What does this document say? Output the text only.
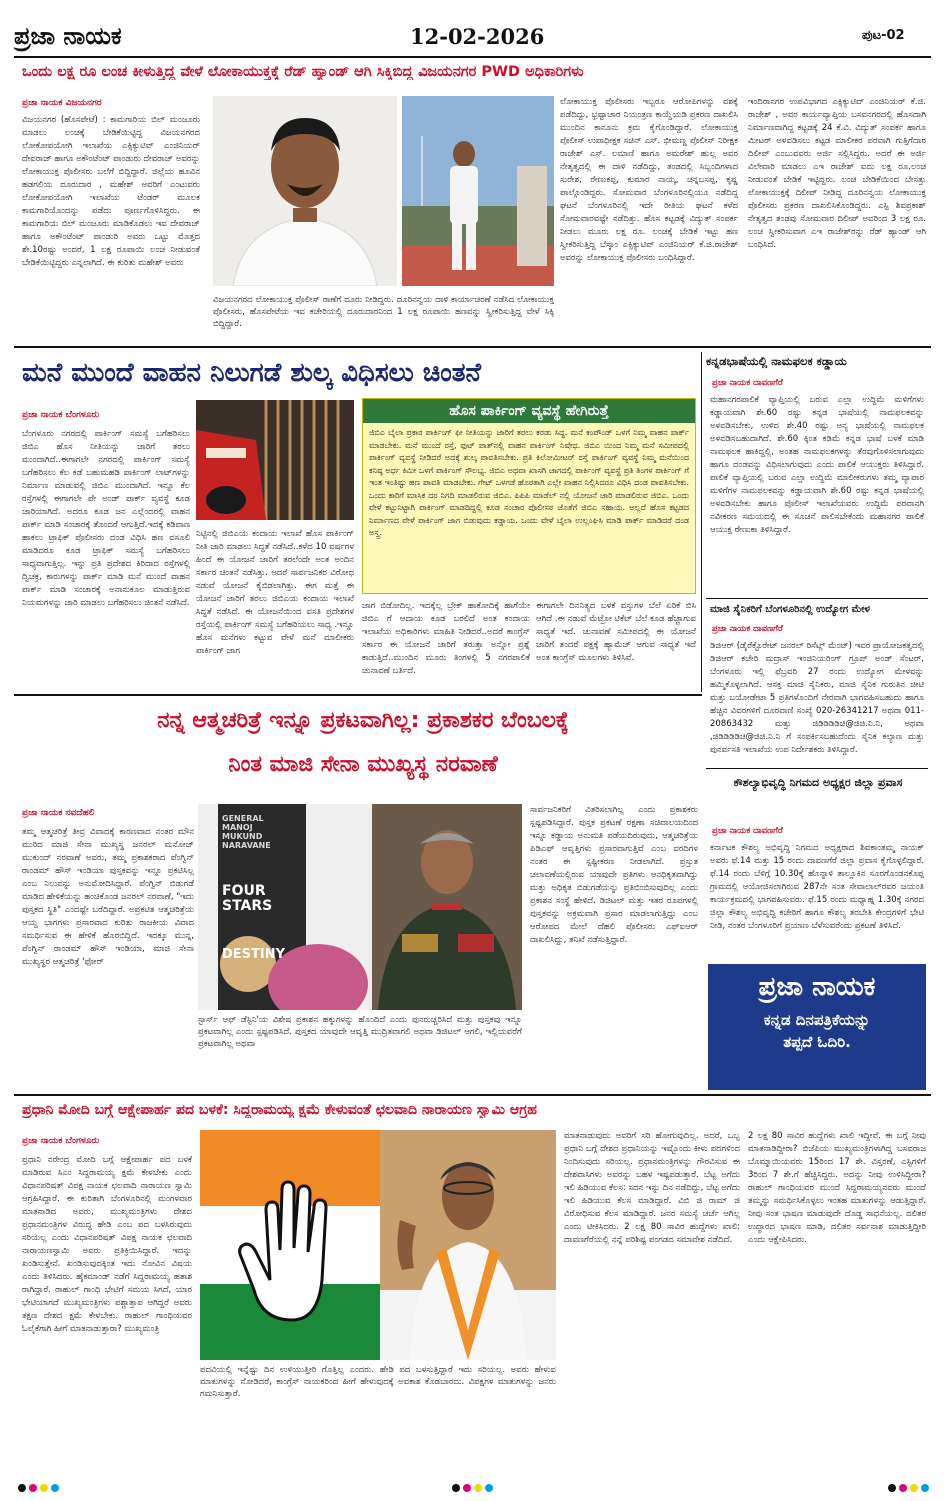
ಪ್ರಜಾ ನಾಯಕ	12-02-2026	ಪುಟ-02
ಒಂದು ಲಕ್ಷ ರೂ ಲಂಚ ಕೀಳುತ್ತಿದ್ದ ವೇಳೆ ಲೋಕಾಯುಕ್ತಕ್ಕೆ ರೆಡ್ ಹ್ಯಾಂಡ್ ಆಗಿ ಸಿಕ್ಕಿಬಿದ್ದ ವಿಜಯನಗರ PWD ಅಧಿಕಾರಿಗಳು
ಪ್ರಜಾ ನಾಯಕ ವಿಜಯನಗರ
ವಿಜಯನಗರ (ಹೊಸಪೇಟೆ) : ಕಾಮಗಾರಿಯ ಬಿಲ್ ಮಂಜೂರು ಮಾಡಲು ಲಂಚಕ್ಕೆ ಬೇಡಿಕೆಯಿಟ್ಟಿದ್ದ ವಿಜಯನಗರದ ಲೋಕೋಪಯೋಗಿ ಇಲಾಖೆಯ ಎಕ್ಸಿಕ್ಯುಟಿವ್ ಎಂಜಿನಿಯರ್ ದೇವರಾಜ್ ಹಾಗೂ ಅಕೌಂಟೆಂಟ್ ಪಾಂಡುರು ದೇವರಾಜ್ ಅವರನ್ನು ಲೋಕಾಯುಕ್ತ ಪೊಲೀಸರು ಬಲೆಗೆ ಬಿದ್ದಿದ್ದಾರೆ. ಜಿಲ್ಲೆಯ ಹೂವಿನ ಹಡಗಲಿಯ ದೂರುದಾರ , ಮಹೇಶ್ ಅವರಿಗೆ ಎಂಟುವರು ಲೋಕೋಪಯೋಗಿ ಇಲಾಖೆಯ ಟೆಂಡರ್ ಮೂಲಕ ಕಾಮಗಾರಿಯೊಂದನ್ನು ಪಡೆದು ಪೂರ್ಣಗೊಳಿಸಿದ್ದರು. ಈ ಕಾಮಗಾರಿಯ ಬಿಲ್ ಮಂಜೂರು ಮಾಡಿಕೊಡಲು ಇವ ದೇವರಾಜ್ ಹಾಗೂ ಅಕೌಂಟೆಂಟ್ ಪಾಂಡುರಿ ಅವರು ಒಟ್ಟು ಮೊತ್ತದ ಶೇ.10ರಷ್ಟು ಅಂದರೆ, 1 ಲಕ್ಷ ರೂಪಾಯಿ ಲಂಚ ನೀಡುವಂತೆ ಬೇಡಿಕೆಯಿಟ್ಟಿದ್ದರು ಎನ್ನಲಾಗಿದೆ. ಈ ಕುರಿತು ಮಹೇಶ್ ಅವರು
ವಿಜಯನಗರದ ಲೋಕಾಯುಕ್ತ ಪೊಲೀಸ್ ಠಾಣೆಗೆ ದೂರು ನೀಡಿದ್ದರು. ದೂರಿನನ್ವಯ ದಾಳಿ ಕಾರ್ಯಾಚರಣೆ ನಡೆಸಿದ ಲೋಕಾಯುಕ್ತ ಪೊಲೀಸರು, ಹೊಸಪೇಟೆಯ ಇವ ಕಚೇರಿಯಲ್ಲಿ ದೂರುದಾರನಿಂದ 1 ಲಕ್ಷ ರೂಪಾಯಿ ಹಣವನ್ನು ಸ್ವೀಕರಿಸುತ್ತಿದ್ದ ವೇಳೆ ಸಿಕ್ಕಿ ಬಿದ್ದಿದ್ದಾರೆ.
ಲೋಕಾಯುಕ್ತ ಪೊಲೀಸರು ಇಬ್ಬರೂ ಆರೋಪಿಗಳನ್ನು ವಶಕ್ಕೆ ಪಡೆದಿದ್ದು, ಭ್ರಷ್ಟಾಚಾರ ನಿಯಂತ್ರಣ ಕಾಯ್ದೆಯಡಿ ಪ್ರಕರಣ ದಾಖಲಿಸಿ ಮುಂದಿನ ಕಾನೂನು ಕ್ರಮ ಕೈಗೊಂಡಿದ್ದಾರೆ. ಲೋಕಾಯುಕ್ತ ಪೊಲೀಸ್ ಉಪಾಧೀಕ್ಷಕ ಸಚಿನ್ ಎಸ್. ಭೀಮಣ್ಣ ಪೊಲೀಸ್ ನಿರೀಕ್ಷಕ ರಾಜೇಶ್ ಎಸ್. ಲಮಾಣಿ ಹಾಗೂ ಅಮರೇಶ್ ಹುಲ್ಲ ಅವರ ನೇತೃತ್ವದಲ್ಲಿ ಈ ದಾಳಿ ನಡೆದಿದ್ದು, ತಂಡದಲ್ಲಿ ಸಿಬ್ಬಂದಿಗಳಾದ ಸುರೇಶ, ರೇಣುಕಪ್ಪ, ಕುಮಾರ ನಾಯ್ಕ, ಚನ್ನಬಸಪ್ಪ, ಕೃಷ್ಣ ಪಾಲ್ಗೊಂಡಿದ್ದರು. ಸೋಮವಾರ ಬೆಂಗಳೂರಿನಲ್ಲಿಯೂ ನಡೆದಿದ್ದ ಘಟನೆ ಬೆಂಗಳೂರಿನಲ್ಲಿ ಇದೇ ರೀತಿಯ ಘಟನೆ ಕಳೆದ ಸೋಮವಾರವಷ್ಟೇ ನಡೆದಿತ್ತು. ಹೊಸ ಕಟ್ಟಡಕ್ಕೆ ವಿದ್ಯುತ್ ಸಂಪರ್ಕ ನೀಡಲು ಮೂರು ಲಕ್ಷ ರೂ. ಲಂಚಕ್ಕೆ ಬೇಡಿಕೆ ಇಟ್ಟು ಹಣ ಸ್ವೀಕರಿಸುತ್ತಿದ್ದ ಬೆಸ್ಕಾಂ ಎಕ್ಸಿಕ್ಯುಟಿವ್ ಎಂಜಿನಿಯರ್ ಕೆ.ಜಿ.ರಾಜೇಶ್ ಅವರನ್ನು ಲೋಕಾಯುಕ್ತ ಪೊಲೀಸರು ಬಂಧಿಸಿದ್ದಾರೆ.
ಇಂದಿರಾನಗರ ಉಪವಿಭಾಗದ ಎಕ್ಸಿಕ್ಯುಟಿವ್ ಎಂಜಿನಿಯರ್ ಕೆ.ಜಿ. ರಾಜೇಶ್ , ಅವರ ಕಾರ್ಯವ್ಯಾಪ್ತಿಯ ಬಸವನಗರದಲ್ಲಿ ಹೊಸದಾಗಿ ನಿರ್ಮಾಣವಾಗಿದ್ದ ಕಟ್ಟಡಕ್ಕೆ 24 ಕೆ.ವಿ. ವಿದ್ಯುತ್ ಸಂಪರ್ಕ ಹಾಗೂ ಮೀಟರ್ ಅಳವಡಿಸಲು ಕಟ್ಟಡ ಮಾಲೀಕರ ಪರವಾಗಿ ಗುತ್ತಿಗೆದಾರ ದಿಲೀಪ್ ಎಂಬುವವರು ಅರ್ಜಿ ಸಲ್ಲಿಸಿದ್ದರು. ಅದರೆ ಈ ಅರ್ಜಿ ವಿಲೇವಾರಿ ಮಾಡಲು ಎಇ ರಾಜೇಶ್ ಐದು ಲಕ್ಷ ರೂ.ಲಂಚ ನೀಡುವಂತೆ ಬೇಡಿಕೆ ಇಟ್ಟಿದ್ದರು. ಲಂಚ ಬೇಡಿಕೆಯಿಂದ ಬೇಸತ್ತು ಲೋಕಾಯುಕ್ತಕ್ಕೆ ದಿಲೀಪ್ ನೀಡಿದ್ದ ದೂರಿನನ್ವಯ ಲೋಕಾಯುಕ್ತ ಪೊಲೀಸರು ಪ್ರಕರಣ ದಾಖಲಿಸಿಕೊಂಡಿದ್ದರು. ಎಸ್ಪಿ ಶಿವಪ್ರಕಾಶ್ ನೇತೃತ್ವದ ತಂಡವು ಸೋಮವಾರ ದಿಲೀಪ್ ಅವರಿಂದ 3 ಲಕ್ಷ ರೂ. ಲಂಚ ಸ್ವೀಕರಿಸುವಾಗ ಎಇ ರಾಜೇಶ್‌ರನ್ನು ರೆಡ್ ಹ್ಯಾಂಡ್ ಆಗಿ ಬಂಧಿಸಿದೆ.
ಮನೆ ಮುಂದೆ ವಾಹನ ನಿಲುಗಡೆ ಶುಲ್ಕ ವಿಧಿಸಲು ಚಿಂತನೆ
ಪ್ರಜಾ ನಾಯಕ ಬೆಂಗಳೂರು
ಬೆಂಗಳೂರು ನಗರದಲ್ಲಿ ಪಾರ್ಕಿಂಗ್ ಸಮಸ್ಯೆ ಬಗೆಹರಿಸಲು ಜಿಬಿಎ ಹೊಸ ನೀತಿಯನ್ನು ಜಾರಿಗೆ ತರಲು ಮುಂದಾಗಿದೆ..ಈಗಾಗಲೇ ನಗರದಲ್ಲಿ ಪಾರ್ಕಿಂಗ್ ಸಮಸ್ಯೆ ಬಗೆಹರಿಸಲು ಕೆಲ ಕಡೆ ಬಹುಮಹಡಿ ಪಾರ್ಕಿಂಗ್ ಲಾಟ್‌ಗಳನ್ನು ನಿರ್ಮಾಣ ಮಾಡುವಲ್ಲಿ ಜಿಬಿಎ ಮುಂದಾಗಿದೆ. ಇನ್ನೂ ಕೆಲ ರಸ್ತೆಗಳಲ್ಲಿ ಈಗಾಗಲೇ ಪೇ ಅಂಡ್ ಪಾರ್ಕ್ ವ್ಯವಸ್ಥೆ ಕೂಡ ಜಾರಿಯಾಗಿದೆ. ಅದರೂ ಕೂಡ ಜನ ಎಲ್ಲೆಂದರಲ್ಲಿ ವಾಹನ ಪಾರ್ಕ್ ಮಾಡಿ ಸಂಚಾರಕ್ಕೆ ತೊಂದರೆ ಆಗುತ್ತಿದೆ.ಇದಕ್ಕೆ ಕಡಿವಾಣ ಹಾಕಲು ಟ್ರಾಫಿಕ್ ಪೊಲೀಸರು ದಂಡ ವಿಧಿಸಿ ಹಣ ವಸೂಲಿ ಮಾಡಿದರೂ ಕೂಡ ಟ್ರಾಫಿಕ್ ಸಮಸ್ಯೆ ಬಗೆಹರಿಸಲು ಸಾಧ್ಯವಾಗುತ್ತಿಲ್ಲ. ಇನ್ನು ಪ್ರತಿ ಪ್ರದೇಶದ ಕಿರಿದಾದ ರಸ್ತೆಗಳಲ್ಲಿ ದ್ವಿಚಕ್ರ, ಕಾರುಗಳನ್ನು ಪಾರ್ಕ್ ಮಾಡಿ ಮನೆ ಮುಂದೆ ವಾಹನ ಪಾರ್ಕ್ ಮಾಡಿ ಸಂಚಾರಕ್ಕೆ ಅನಾನುಕೂಲ ಮಾಡುತ್ತಿರುವ ನಿಯಮಗಳನ್ನು ಜಾರಿ ಮಾಡಲು ಬಗೆಹರಿಸಲು ಚಿಂತನೆ ನಡೆಸಿದೆ.
ನಿಟ್ಟಿನಲ್ಲಿ ಜಿಬಿಎಯ ಕಂದಾಯ ಇಲಾಖೆ ಹೊಸ ಪಾರ್ಕಿಂಗ್ ನೀತಿ ಜಾರಿ ಮಾಡಲು ಸಿದ್ಧತೆ ನಡೆಸಿದೆ..ಕಳೆದ 10 ವರ್ಷಗಳ ಹಿಂದೆ ಈ ಯೋಜನೆ ಜಾರಿಗೆ ತರಲೆಂದೇ ಅಂತ ಅಂದಿನ ಸರ್ಕಾರ ಚಿಂತನೆ ನಡೆಸಿತ್ತು. ಅದರೆ ಸಾರ್ವಜನಿಕರ ವಿರೋಧ ನಡುವೆ ಯೋಜನೆ ಕೈಬಿಡಲಾಗಿತ್ತು. ಈಗ ಮತ್ತೆ ಈ ಯೋಜನೆ ಜಾರಿಗೆ ತರಲು ಜಿಬಿಎಯ ಕಂದಾಯ ಇಲಾಖೆ ಸಿದ್ಧತೆ ನಡೆಸಿದೆ. ಈ ಯೋಜನೆಯಿಂದ ವಸತಿ ಪ್ರದೇಶಗಳ ರಸ್ತೆಯಲ್ಲಿ ಪಾರ್ಕಿಂಗ್ ಸಮಸ್ಯೆ ಬಗೆಹರಿಯಲು ಸಾಧ್ಯ .ಇನ್ನೂ ಹೊಸ ಮನೆಗಳು ಕಟ್ಟುವ ವೇಳೆ ಮನೆ ಮಾಲೀಕರು ಪಾರ್ಕಿಂಗ್ ಜಾಗ
ಹೊಸ ಪಾರ್ಕಿಂಗ್ ವ್ಯವಸ್ಥೆ ಹೇಗಿರುತ್ತೆ
ಜಿಬಿಎ ಬೈಲಾ ಪ್ರಕಾರ ಪಾರ್ಕಿಂಗ್ ಫೀ ನೀತಿಯನ್ನು ಜಾರಿಗೆ ತರಲು ಕರಡು ಸಿದ್ಧ. ಮನೆ ಕಂಪೌಂಡ್ ಒಳಗೆ ನಿಮ್ಮ ವಾಹನ ಪಾರ್ಕ್ ಮಾಡಬೇಕು. ಮನೆ ಮುಂದೆ ರಸ್ತೆ, ಫುಟ್ ಪಾತ್‌ನಲ್ಲಿ ವಾಹನ ಪಾರ್ಕಿಂಗ್ ನಿಷೇಧ. ಜಿಬಿಎ ಯಿಂದ ನಿಮ್ಮ ಮನೆ ಸಮೀಪದಲ್ಲಿ ಪಾರ್ಕಿಂಗ್ ವ್ಯವಸ್ಥೆ ನೀಡಿದರೆ ಅದಕ್ಕೆ ಶುಲ್ಕ ಪಾವತಿಸಬೇಕು. ಪ್ರತಿ ಕಿಲೋಮೀಟರ್ ರಸ್ತೆ ಪಾರ್ಕಿಂಗ್ ವ್ಯವಸ್ಥೆ ನಿಮ್ಮ ಮನೆಯಿಂದ ಕನಿಷ್ಠ ಅರ್ಧ ಕಿಮೀ ಒಳಗೆ ಪಾರ್ಕಿಂಗ್ ಸೌಲಭ್ಯ. ಜಿಬಿಎ ಅಥವಾ ಖಾಸಗಿ ಜಾಗದಲ್ಲಿ ಪಾರ್ಕಿಂಗ್ ವ್ಯವಸ್ಥೆ ಪ್ರತಿ ತಿಂಗಳ ಪಾರ್ಕಿಂಗ್ ಗೆ ಇಂತ ಇಂತಿಷ್ಟು ಹಣ ಪಾವತಿ ಮಾಡಬೇಕು. ಗೇಟ್ ಒಳಗಡೆ ಹೊರತಾಗಿ ಎಲ್ಲೇ ವಾಹನ ನಿಲ್ಲಿಸಿದರೂ ವಿಧಿಸಿ ದಂಡ ಪಾವತಿಸಬೇಕು. ಒಂದು ಕಾರಿಗೆ ಮಾಸಿಕ ದರ ನಿಗದಿ ಮಾಡಲಿರುವ ಜಿಬಿಎ. ಪಿಪಿಪಿ ಮಾಡೆಲ್ ನಲ್ಲಿ ಯೋಜನೆ ಜಾರಿ ಮಾಡಲಿರುವ ಜಿಬಿಎ. ಒಂದು ವೇಳೆ ಕಟ್ಟುನಿಟ್ಟಾಗಿ ಪಾರ್ಕಿಂಗ್ ಮಾಡದಿದ್ದಲ್ಲಿ ಕೂಡ ಸಂಚಾರ ಪೊಲೀಸರ ಜೊತೆಗೆ ಜಿಬಿಎ ಸಹಾಯ. ಅಲ್ಲದೆ ಹೊಸ ಕಟ್ಟಡದ ನಿರ್ಮಾಣದ ವೇಳೆ ಪಾರ್ಕಿಂಗ್ ಜಾಗ ಬಿಡುವುದು ಕಡ್ಡಾಯ. ಒಂದು ವೇಳೆ ಬೈಲಾ ಉಲ್ಲಂಘಿಸಿ ಮಾಡಿ ಪಾರ್ಕ್ ಮಾಡಿದರೆ ದಂಡ ಅಸ್ತ್ರ.
ಜಾಗ ಬಿಡೋದಿಲ್ಲ. ಇದಕ್ಕೆಲ್ಲ ಬ್ರೇಕ್ ಹಾಕೋದಿಕ್ಕೆ ಹಾಗೆಯೇ ಜಿಬಿಎ ಗೆ ಆದಾಯ ಕೂಡ ಬರಲಿದೆ ಅಂತ ಕಂದಾಯ ಇಲಾಖೆಯ ಅಧಿಕಾರಿಗಳು ಮಾಹಿತಿ ನೀಡಿದರೆ..ಅದರೆ ಕಾಂಗ್ರೆಸ್ ಸರ್ಕಾರ ಈ ಯೋಜನೆ ಜಾರಿಗೆ ತರುತ್ತಾ ಅನ್ನೋ ಪ್ರಶ್ನೆ ಕಾಡುತ್ತಿದೆ..ಮುಂದಿನ ಮೂರು ತಿಂಗಳಲ್ಲಿ 5 ನಗರಪಾಲಿಕೆ ಚುನಾವಣೆ ಬರ್ತಿದೆ.
ಈಗಾಗಲೇ ದಿನನಿತ್ಯದ ಬಳಕೆ ವಸ್ತುಗಳ ಬೆಲೆ ಏರಿಕೆ ಬಿಸಿ ಆಗಿದೆ .ಈ ನಡುವೆ ಮೆಟ್ರೋ ಟಿಕೆಟ್ ಬೆಲೆ ಕೂಡ ಹೆಚ್ಚಾಗುವ ಸಾಧ್ಯತೆ ಇದೆ. ಚುನಾವಣೆ ಸಮೀಪದಲ್ಲಿ ಈ ಯೋಜನೆ ಜಾರಿಗೆ ತಂದರೆ ಪಕ್ಷಕ್ಕೆ ಹ್ಯಾಮೆಜ್ ಆಗುವ ಸಾಧ್ಯತೆ ಇದೆ ಅಂತ ಕಾಂಗ್ರೆಸ್ ಮೂಲಗಳು ತಿಳಿಸಿವೆ.
ಕನ್ನಡಭಾಷೆಯಲ್ಲಿ ನಾಮಫಲಕ ಕಡ್ಡಾಯ
ಪ್ರಜಾ ನಾಯಕ ದಾವಣಗೆರೆ
ಮಹಾನಗರಪಾಲಿಕೆ ವ್ಯಾಪ್ತಿಯಲ್ಲಿ ಬರುವ ಎಲ್ಲಾ ಉದ್ದಿಮೆ ಮಳಿಗೆಗಳು ಕಡ್ಡಾಯವಾಗಿ ಶೇ.60 ರಷ್ಟು ಕನ್ನಡ ಭಾಷೆಯಲ್ಲಿ ನಾಮಫಲಕವನ್ನು ಅಳವಡಿಸಬೇಕು, ಉಳಿದ ಶೇ.40 ರಷ್ಟು ಅನ್ಯ ಭಾಷೆಯಲ್ಲಿ ನಾಮಫಲಕ ಅಳವಡಿಸಬಹುದಾಗಿದೆ. ಶೇ.60 ಕ್ಕಿಂತ ಕಡಿಮೆ ಕನ್ನಡ ಭಾಷೆ ಬಳಕೆ ಮಾಡಿ ನಾಮಫಲಕ ಹಾಕಿದ್ದಲ್ಲಿ, ಅಂತಹ ನಾಮಫಲಕಗಳನ್ನು ತೆರವುಗೊಳಿಸಲಾಗುವುದು ಹಾಗೂ ದಂಡವನ್ನು ವಿಧಿಸಲಾಗುವುದು ಎಂದು ಪಾಲಿಕೆ ಆಯುಕ್ತರು ತಿಳಿಸಿದ್ದಾರೆ. ಪಾಲಿಕೆ ವ್ಯಾಪ್ತಿಯಲ್ಲಿ ಬರುವ ಎಲ್ಲಾ ಉದ್ದಿಮೆ ಮಾಲೀಕರುಗಳು ತಮ್ಮ ವ್ಯಾಪಾರ ಮಳಿಗೆಗಳ ನಾಮಫಲಕವನ್ನು ಕಡ್ಡಾಯವಾಗಿ ಶೇ.60 ರಷ್ಟು ಕನ್ನಡ ಭಾಷೆಯಲ್ಲಿ ಅಳವಡಿಸಬೇಕು ಹಾಗೂ ಪೊಲೀಸ್ ಇಲಾಖೆಯವರು ಉದ್ದಿಮೆ ಪರವಾನಗಿ ನವೀಕರಣ ಸಮಯದಲ್ಲಿ ಈ ಸೂಚನೆ ಪಾಲಿಸಬೇಕೆಂದು ಮಹಾನಗರ ಪಾಲಿಕೆ ಆಯುಕ್ತ ರೇಣುಕಾ ತಿಳಿಸಿದ್ದಾರೆ.
ಮಾಜಿ ಸೈನಿಕರಿಗೆ ಬೆಂಗಳೂರಿನಲ್ಲಿ ಉದ್ಯೋಗ ಮೇಳ
ಪ್ರಜಾ ನಾಯಕ ದಾವಣಗೆರೆ
ಡಿಜಿಆರ್ (ಡೈರೆಕ್ಟೊರೇಟ್ ಜನರಲ್ ರಿಸೆಟ್ಲ್ ಮೆಂಟ್) ಇವರ ಪ್ರಾಯೋಜಕತ್ವದಲ್ಲಿ ಡಿಜಿಆರ್ ಕಚೇರಿ ಮದ್ರಾಸ್ ಇಂಜಿನಿಯರಿಂಗ್ ಗ್ರೂಪ್ ಅಂಡ್ ಸೆಂಟರ್, ಬೆಂಗಳೂರು ಇಲ್ಲಿ ಫೆಬ್ರವರಿ 27 ರಂದು ಉದ್ಯೋಗ ಮೇಳವನ್ನು ಹಮ್ಮಿಕೊಳ್ಳಲಾಗಿದೆ. ಆಸಕ್ತ ಮಾಜಿ ಸೈನಿಕರು, ಮಾಜಿ ಸೈನಿಕ ಗುರುತಿನ ಚೀಟಿ ಮತ್ತು ಬಯೋಡೇಟಾ 5 ಪ್ರತಿಗಳೊಂದಿಗೆ ನೇರವಾಗಿ ಭಾಗವಹಿಸಬಹುದು ಹಾಗೂ ಹೆಚ್ಚಿನ ವಿವರಗಳಿಗೆ ದೂರವಾಣಿ ಸಂಖ್ಯೆ 020-26341217 ಅಥವಾ 011-20863432 ಮತ್ತು ಜಿಡಿಡಿಡಿಡಿಚಿ@ಜಿಜಿ.ನಿ.ನಿ, ಅಥವಾ ,ಜಿಡಿಡಿಡಿಡಿಚಿ@ಜಿಜಿ.ನಿ.ನಿ ಗೆ ಸಂಪರ್ಕಿಸಬಹುದೆಂದು ಸೈನಿಕ ಕಲ್ಯಾಣ ಮತ್ತು ಪುನರ್ವಸತಿ ಇಲಾಖೆಯ ಉಪ ನಿರ್ದೇಶಕರು ತಿಳಿಸಿದ್ದಾರೆ.
ನನ್ನ ಆತ್ಮಚರಿತ್ರೆ ಇನ್ನೂ ಪ್ರಕಟವಾಗಿಲ್ಲ: ಪ್ರಕಾಶಕರ ಬೆಂಬಲಕ್ಕೆ
ನಿಂತ ಮಾಜಿ ಸೇನಾ ಮುಖ್ಯಸ್ಥ ನರವಾಣೆ
ಪ್ರಜಾ ನಾಯಕ ನವದೆಹಲಿ
ತಮ್ಮ ಆತ್ಮಚರಿತ್ರೆ ತೀವ್ರ ವಿವಾದಕ್ಕೆ ಕಾರಣವಾದ ನಂತರ ಮೌನ ಮುರಿದ ಮಾಜಿ ಸೇನಾ ಮುಖ್ಯಸ್ಥ ಜನರಲ್ ಮನೋಜ್ ಮುಕುಂದ್ ನರವಾಣೆ ಅವರು, ತಮ್ಮ ಪ್ರಕಾಶಕರಾದ ಪೆಂಗ್ವಿನ್ ರಾಂಡಮ್ ಹೌಸ್ ಇಂಡಿಯಾ ಪುಸ್ತಕವನ್ನು ಇನ್ನೂ ಪ್ರಕಟಿಸಿಲ್ಲ ಎಂಬ ನಿಲುವನ್ನು ಅನುಮೋದಿಸಿದ್ದಾರೆ. ಪೆಂಗ್ವಿನ್ ಬಿಡುಗಡೆ ಮಾಡಿದ ಹೇಳಿಕೆಯನ್ನು ಹಂಚಿಕೊಂಡ ಜನರಲ್ ನರವಾಣೆ, "ಇದು ಪುಸ್ತಕದ ಸ್ಥಿತಿ" ಎಂದಷ್ಟೇ ಬರೆದಿದ್ದಾರೆ. ಅಪ್ರಕಟಿತ ಆತ್ಮಚರಿತ್ರೆಯ ಆಯ್ದ ಭಾಗಗಳು ಪ್ರಸಾರವಾದ ಕುರಿತು ರಾಜಕೀಯ ವಿವಾದ ಸಮರ್ಥಿಸುವ ಈ ಹೇಳಿಕೆ ಹೊರಬಿದ್ದಿದೆ. ಇದಕ್ಕೂ ಮುನ್ನ, ಪೆಂಗ್ವಿನ್ ರಾಂಡಮ್ ಹೌಸ್ ಇಂಡಿಯಾ, ಮಾಜಿ ಸೇನಾ ಮುಖ್ಯಸ್ಥರ ಆತ್ಮಚರಿತ್ರೆ 'ಫೋರ್
GENERAL
MANOJ
MUKUND
NARAVANE
FOUR
STARS
DESTINY
ಸ್ಟಾರ್ಸ್ ಆಫ್ ಡೆಸ್ಟಿನಿ'ಯ ವಿಶೇಷ ಪ್ರಕಾಶನ ಹಕ್ಕುಗಳನ್ನು ಹೊಂದಿದೆ ಎಂದು ಪುನರುಚ್ಚರಿಸಿದೆ ಮತ್ತು ಪುಸ್ತಕವು ಇನ್ನೂ ಪ್ರಕಟವಾಗಿಲ್ಲ ಎಂದು ಸ್ಪಷ್ಟಪಡಿಸಿದೆ. ಪುಸ್ತಕದ ಯಾವುದೇ ಆವೃತ್ತಿ ಮುದ್ರಿತವಾಗಲಿ ಅಥವಾ ಡಿಜಿಟಲ್ ಆಗಲಿ, ಇಲ್ಲಿಯವರೆಗೆ ಪ್ರಕಟವಾಗಿಲ್ಲ ಅಥವಾ
ಸಾರ್ವಜನಿಕರಿಗೆ ವಿತರಿಸಲಾಗಿಲ್ಲ ಎಂದು ಪ್ರಕಾಶಕರು ಸ್ಪಷ್ಟಪಡಿಸಿದ್ದಾರೆ. ಪುಸ್ತಕ ಪ್ರಕಟಣೆ ರಕ್ಷಣಾ ಸಚಿವಾಲಯದಿಂದ ಇನ್ನೂ ಕಡ್ಡಾಯ ಅನುಮತಿ ಪಡೆಯದಿರುವುದು, ಆತ್ಮಚರಿತ್ರೆಯ ಪಿಡಿಎಫ್ ಆವೃತ್ತಿಗಳು ಪ್ರಸಾರವಾಗುತ್ತಿವೆ ಎಂಬ ವರದಿಗಳ ನಂತರ ಈ ಸ್ಪಷ್ಟೀಕರಣ ನೀಡಲಾಗಿದೆ. ಪ್ರಸ್ತುತ ಚಲಾವಣೆಯಲ್ಲಿರುವ ಯಾವುದೇ ಪ್ರತಿಗಳು ಆನಧಿಕೃತವಾಗಿದ್ದು ಮತ್ತು ಅಧಿಕೃತ ಬಿಡುಗಡೆಯನ್ನು ಪ್ರತಿಬಿಂಬಿಸುವುದಿಲ್ಲ ಎಂದು ಪ್ರಕಾಶನ ಸಂಸ್ಥೆ ಹೇಳಿದೆ. ಡಿಜಿಟಲ್ ಮತ್ತು ಇತರ ರೂಪಗಳಲ್ಲಿ ಪುಸ್ತಕವನ್ನು ಅಕ್ರಮವಾಗಿ ಪ್ರಸಾರ ಮಾಡಲಾಗುತ್ತಿದ್ದು ಎಂಬ ಆರೋಪದ ಮೇಲೆ ದೆಹಲಿ ಪೊಲೀಸರು ಎಫ್‌ಐಆರ್ ದಾಖಲಿಸಿದ್ದು, ತನಿಖೆ ನಡೆಸುತ್ತಿದ್ದಾರೆ.
ಕೌಶಲ್ಯಾಭಿವೃದ್ಧಿ ನಿಗಮದ ಅಧ್ಯಕ್ಷರ ಜಿಲ್ಲಾ ಪ್ರವಾಸ
ಪ್ರಜಾ ನಾಯಕ ದಾವಣಗೆರೆ
ಕರ್ನಾಟಕ ಕೌಶಲ್ಯ ಅಭಿವೃದ್ಧಿ ನಿಗಮದ ಅಧ್ಯಕ್ಷರಾದ ಶಿವಕಾಂತಮ್ಮ ನಾಯಕ್ ಅವರು ಫೆ.14 ಮತ್ತು 15 ರಂದು ದಾವಣಗೆರೆ ಜಿಲ್ಲಾ ಪ್ರವಾಸ ಕೈಗೊಳ್ಳಲಿದ್ದಾರೆ. ಫೆ.14 ರಂದು ಬೆಳಿಗ್ಗೆ 10.30ಕ್ಕೆ ಹೊನ್ನಾಳಿ ತಾಲ್ಲೂಕಿನ ಸೂರಗೊಂಡನಕೊಪ್ಪ ಗ್ರಾಮದಲ್ಲಿ ಆಯೋಜಿಸಲಾಗಿರುವ 287ನೇ ಸಂತ ಸೇವಾಲಾಲ್‌ರವರ ಜಯಂತಿ ಕಾರ್ಯಕ್ರಮದಲ್ಲಿ ಭಾಗವಹಿಸುವರು. ಫೆ.15 ರಂದು ಮಧ್ಯಾಹ್ನ 1.30ಕ್ಕೆ ನಗರದ ಜಿಲ್ಲಾ ಕೌಶಲ್ಯ ಅಭಿವೃದ್ಧಿ ಕಚೇರಿಗೆ ಹಾಗೂ ಕೌಶಲ್ಯ ತರಬೇತಿ ಕೇಂದ್ರಗಳಿಗೆ ಭೇಟಿ ನೀಡಿ, ನಂತರ ಬೆಂಗಳೂರಿಗೆ ಪ್ರಯಾಣ ಬೆಳೆಸುವರೆಂದು ಪ್ರಕಟಣೆ ತಿಳಿಸಿದೆ.
ಪ್ರಜಾ ನಾಯಕ
ಕನ್ನಡ ದಿನಪತ್ರಿಕೆಯನ್ನು
ತಪ್ಪದೆ ಓದಿರಿ.
ಪ್ರಧಾನಿ ಮೋದಿ ಬಗ್ಗೆ ಆಕ್ಷೇಪಾರ್ಹ ಪದ ಬಳಕೆ: ಸಿದ್ದರಾಮಯ್ಯ ಕ್ಷಮೆ ಕೇಳುವಂತೆ ಛಲವಾದಿ ನಾರಾಯಣ ಸ್ವಾಮಿ ಆಗ್ರಹ
ಪ್ರಜಾ ನಾಯಕ ಬೆಂಗಳೂರು
ಪ್ರಧಾನಿ ನರೇಂದ್ರ ಮೋದಿ ಬಗ್ಗೆ ಆಕ್ಷೇಪಾರ್ಹ ಪದ ಬಳಕೆ ಮಾಡಿರುವ ಸಿಎಂ ಸಿದ್ದರಾಮಯ್ಯ ಕ್ಷಮೆ ಕೇಳಬೇಕು ಎಂದು ವಿಧಾನಪರಿಷತ್ ವಿಪಕ್ಷ ನಾಯಕ ಛಲವಾದಿ ನಾರಾಯಣ ಸ್ವಾಮಿ ಆಗ್ರಹಿಸಿದ್ದಾರೆ. ಈ ಕುರಿತಾಗಿ ಬೆಂಗಳೂರಿನಲ್ಲಿ ಮಂಗಳವಾರ ಮಾತನಾಡಿದ ಅವರು, ಮುಖ್ಯಮಂತ್ರಿಗಳು ದೇಶದ ಪ್ರಧಾನಮಂತ್ರಿಗಳ ವಿರುದ್ಧ ಹೇಡಿ ಎಂಬ ಪದ ಬಳಸಿರುವುದು ಸರಿಯಲ್ಲ ಎಂದು ವಿಧಾನಪರಿಷತ್ ವಿಪಕ್ಷ ನಾಯಕ ಛಲವಾದಿ ನಾರಾಯಣಸ್ವಾಮಿ ಅವರು ಪ್ರತಿಕ್ರಿಯಿಸಿದ್ದಾರೆ. ಇದನ್ನು ಖಂಡಿಸುತ್ತೇನೆ. ಖಂಡಿಸುವುದಕ್ಕಿಂತ ಇದು ನೋವಿನ ವಿಷಯ ಎಂದು ತಿಳಿಸಿದರು. ಹೈಕಮಾಂಡ್ ನಡೆಗೆ ಸಿದ್ದರಾಮಯ್ಯ ಹತಾಶ ರಾಗಿದ್ದಾರೆ. ರಾಹುಲ್ ಗಾಂಧಿ ಭೇಟಿಗೆ ಸಮಯ ಸಿಗದೆ, ಯಾರ ಭೇಟಿಯಾಗದೆ ಮುಖ್ಯಮಂತ್ರಿಗಳು ಪಶ್ಚಾತ್ತಾಪ ಆಗಿದ್ದರೆ ಅವರು ತಕ್ಷಣ ದೇಶದ ಕ್ಷಮೆ ಕೇಳಬೇಕು. ರಾಹುಲ್ ಗಾಂಧಿಯವರ ಓಲೈಕೆಗಾಗಿ ಹೀಗೆ ಮಾತನಾಡುತ್ತಾರಾ? ಮುಖ್ಯಮಂತ್ರಿ
ಪದವಿಯಲ್ಲಿ ಇನ್ನೆಷ್ಟು ದಿನ ಉಳಿಯುತ್ತೀರಿ ಗೊತ್ತಿಲ್ಲ ಎಂದರು. ಹೇಡಿ ಪದ ಬಳಸುತ್ತಿದ್ದಾರೆ ಇದು ಸರಿಯಲ್ಲ. ಅವರು ಹೇಳುವ ಮಾತುಗಳನ್ನು ನೋಡಿದರೆ, ಕಾಂಗ್ರೆಸ್ ನಾಯಕರಿಂದ ಹೀಗೆ ಹೇಳುವುದಕ್ಕೆ ಅವಕಾಶ ಕೊಡಬಾರದು. ವಿಪಕ್ಷಗಳ ಮಾತುಗಳನ್ನು ಜನರು ಗಮನಿಸುತ್ತಾರೆ.
ಮಾತನಾಡುವುದು ಅವರಿಗೆ ಸರಿ ಹೋಗುವುದಿಲ್ಲ. ಅದರೆ, ಒಬ್ಬ ಪ್ರಧಾನಿ ಬಗ್ಗೆ ದೇಶದ ಪ್ರಧಾನಿಯನ್ನು ಇಷ್ಟೊಂದು ಕೀಳು ಪದಗಳಿಂದ ನಿಂದಿಸುವುದು ಸರಿಯಲ್ಲ. ಪ್ರಧಾನಮಂತ್ರಿಗಳನ್ನು ಗೌರವಿಸುವ ಈ ದೇಶವಾಸಿಗಳು ಅವರನ್ನು ಬಹಳ ಇಷ್ಟಪಡುತ್ತಾರೆ. ಬೆಟ್ಟ ಅಗೆದು ಇಲಿ ಹಿಡಿಯುವ ಕೆಲಸ: ಸದನ ಇನ್ನು ದಿನ ನಡೆದಿದ್ದು, ಬೆಟ್ಟ ಅಗೆದು ಇಲಿ ಹಿಡಿಯುವ ಕೆಲಸ ಮಾಡಿದ್ದಾರೆ. ವಿಬಿ ಜಿ ರಾಮ್ ಜಿ ವಿರೋಧಿಸುವ ಕೆಲಸ ಮಾಡಿದ್ದಾರೆ. ಜನರ ಸಮಸ್ಯೆ ಚರ್ಚೆ ಆಗಿಲ್ಲ ಎಂದು ಟೀಕಿಸಿದರು. 2 ಲಕ್ಷ 80 ಸಾವಿರ ಹುದ್ದೆಗಳು ಖಾಲಿ: ದಾವಣಗೆರೆಯಲ್ಲಿ ನನ್ನೆ ಪರಿಶಿಷ್ಟ ಪಂಗಡದ ಸಮಾವೇಶ ನಡೆದಿದೆ.
2 ಲಕ್ಷ 80 ಸಾವಿರ ಹುದ್ದೆಗಳು ಖಾಲಿ ಇದ್ದೀವೆ. ಈ ಬಗ್ಗೆ ನೀವು ಮಾತನಾಡಿದ್ದೀರಾ? ಬಿಜೆಪಿಯ ಮುಖ್ಯಮಂತ್ರಿಗಳಾಗಿದ್ದ ಬಸವರಾಜ ಬೊಮ್ಮಾಯಿಯವರು 15ರಿಂದ 17 ಶೇ. ವಿಸ್ತರಣೆ, ಎಸ್ಟಿಗಳಿಗೆ 3ರಿಂದ 7 ಶೇ.ಗೆ ಹೆಚ್ಚಿಸಿದ್ದರು. ಅದನ್ನು ನೀವು ಉಳಿಸಿದ್ದೀರಾ? ರಾಹುಲ್ ಗಾಂಧಿಯವರ ಮುಂದೆ ಸಿದ್ದರಾಮಯ್ಯನವರು ಮುಂದೆ ತಮ್ಮನ್ನು ಸಮರ್ಥಿಸಿಕೊಳ್ಳಲು ಇಂತಹ ಮಾತುಗಳನ್ನು ಆಡುತ್ತಿದ್ದಾರೆ. ನೀವು ಸಂತ ಭಾಷಣ ಮಾಡುವುದೇ ದೊಡ್ಡ ಸಾಧನೆಯಲ್ಲ. ದಲಿತರ ಉದ್ಧಾರದ ಭಾಷಣ ಮಾಡಿ, ದಲಿತರ ಸರ್ವನಾಶ ಮಾಡುತ್ತಿದ್ದೀರಿ ಎಂದು ಆಕ್ಷೇಪಿಸಿದರು.
